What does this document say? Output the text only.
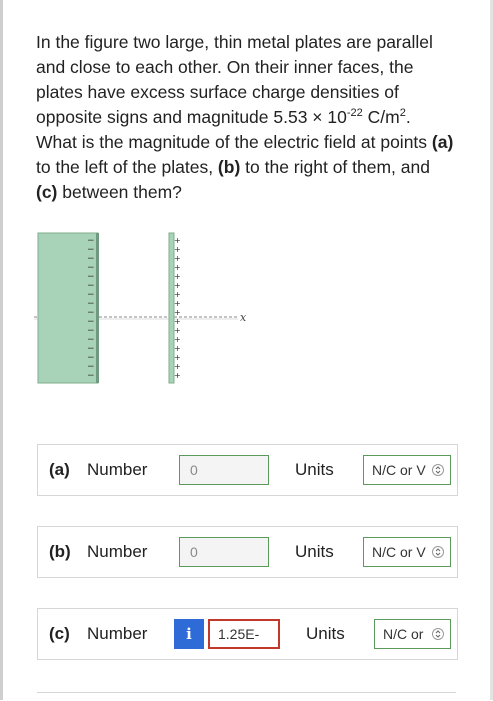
In the figure two large, thin metal plates are parallel and close to each other. On their inner faces, the plates have excess surface charge densities of opposite signs and magnitude $5.53 \times 10^{-22}$ $C/m^2$. What is the magnitude of the electric field at points (a) to the left of the plates, (b) to the right of them, and (c) between them?
−
−
−
−
−
−
−
−
−
−
−
−
−
−
−
−
+
+
+
+
+
+
+
+
+
+
+
+
+
+
+
+
x
(a) Number	0	Units	N/C or V
(b) Number	0	Units	N/C or V
(c) Number	i	1.25E-	Units	N/C or
